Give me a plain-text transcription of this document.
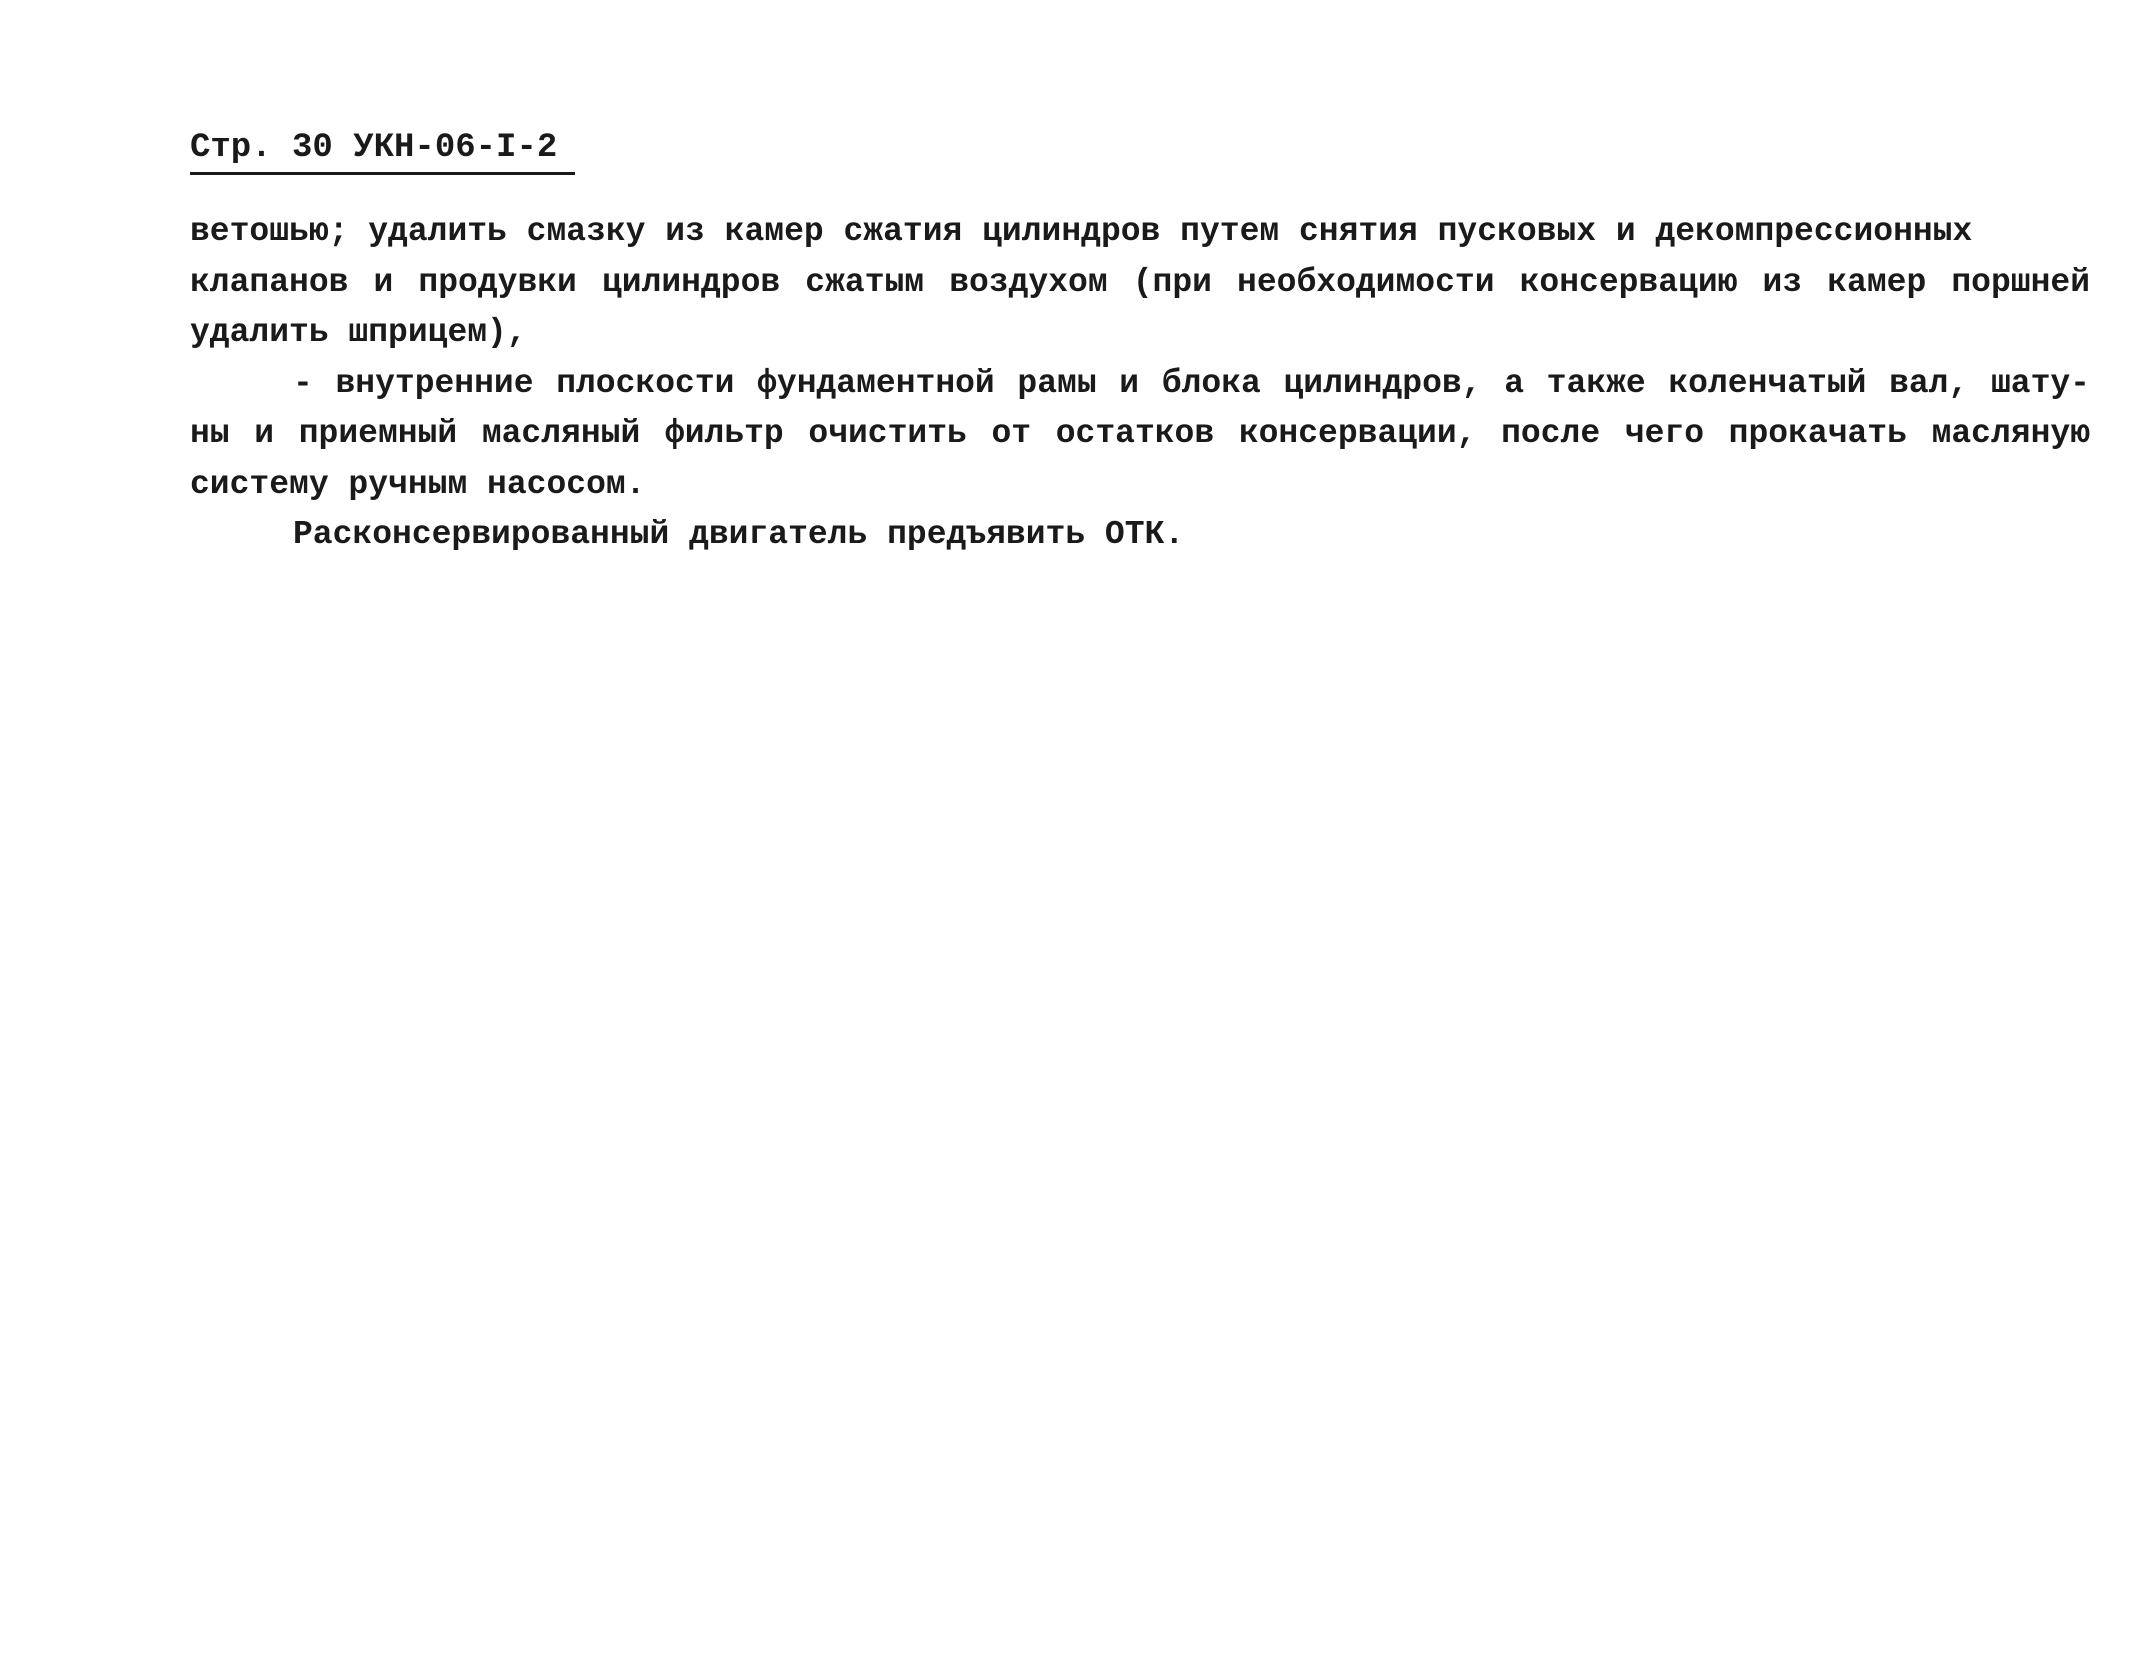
Стр. 30 УКН-06-I-2
ветошью; удалить смазку из камер сжатия цилиндров путем снятия пусковых и декомпрессионных
клапанов и продувки цилиндров сжатым воздухом (при необходимости консервацию из камер поршней
удалить шприцем),
- внутренние плоскости фундаментной рамы и блока цилиндров, а также коленчатый вал, шату-
ны и приемный масляный фильтр очистить от остатков консервации, после чего прокачать масляную
систему ручным насосом.
Расконсервированный двигатель предъявить ОТК.
